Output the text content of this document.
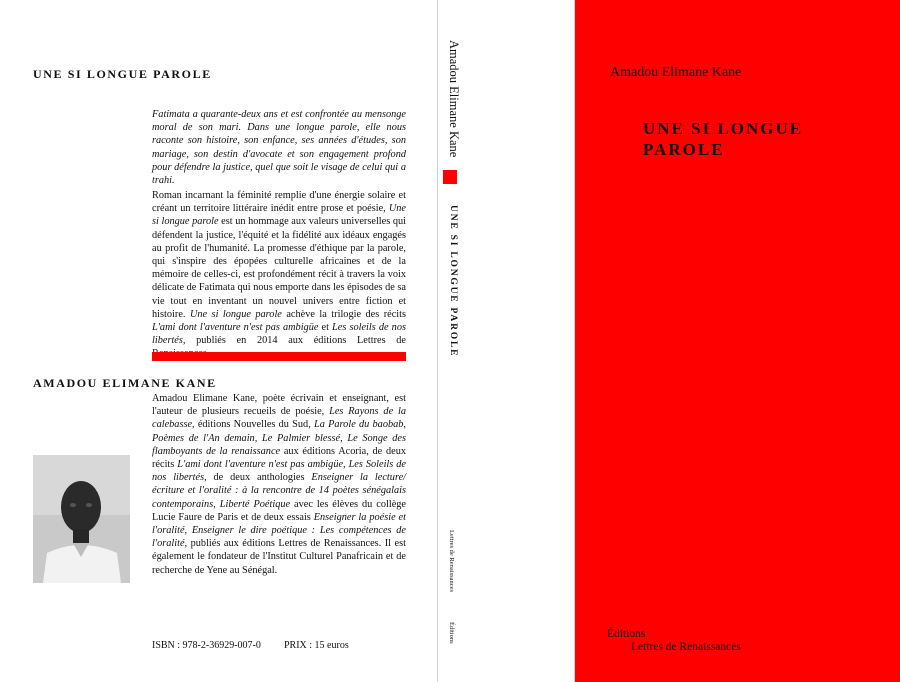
UNE SI LONGUE PAROLE
Fatimata a quarante-deux ans et est confrontée au mensonge moral de son mari. Dans une longue parole, elle nous raconte son histoire, son enfance, ses années d'études, son mariage, son destin d'avocate et son engagement profond pour défendre la justice, quel que soit le visage de celui qui a trahi.
Roman incarnant la féminité remplie d'une énergie solaire et créant un territoire littéraire inédit entre prose et poésie, Une si longue parole est un hommage aux valeurs universelles qui défendent la justice, l'équité et la fidélité aux idéaux engagés au profit de l'humanité. La promesse d'éthique par la parole, qui s'inspire des épopées culturelle africaines et de la mémoire de celles-ci, est profondément récit à travers la voix délicate de Fatimata qui nous emporte dans les épisodes de sa vie tout en inventant un nouvel univers entre fiction et histoire. Une si longue parole achève la trilogie des récits L'ami dont l'aventure n'est pas ambigüe et Les soleils de nos libertés, publiés en 2014 aux éditions Lettres de
AMADOU ELIMANE KANE
Amadou Elimane Kane, poète écrivain et enseignant, est l'auteur de plusieurs recueils de poésie, Les Rayons de la calebasse, éditions Nouvelles du Sud, La Parole du baobab, Poèmes de l'An demain, Le Palmier blessé, Le Songe des flamboyants de la renaissance aux éditions Acoria, de deux récits L'ami dont l'aventure n'est pas ambigüe, Les Soleils de nos libertés, de deux anthologies Enseigner la lecture/écriture et l'oralité : à la rencontre de 14 poètes sénégalais contemporains, Liberté Poétique avec les élèves du collège Lucie Faure de Paris et de deux essais Enseigner la poésie et l'oralité, Enseigner le dire poétique : Les compétences de l'oralité, publiés aux éditions Lettres de Renaissances. Il est également le fondateur de l'Institut Culturel Panafricain et de recherche de Yene au Sénégal.
ISBN : 978-2-36929-007-0 PRIX : 15 euros
Amadou Elimane Kane
UNE SI LONGUE PAROLE
Lettres de Renaissances
Éditions
Amadou Elimane Kane
UNE SI LONGUE PAROLE
Éditions
Lettres de Renaissances
